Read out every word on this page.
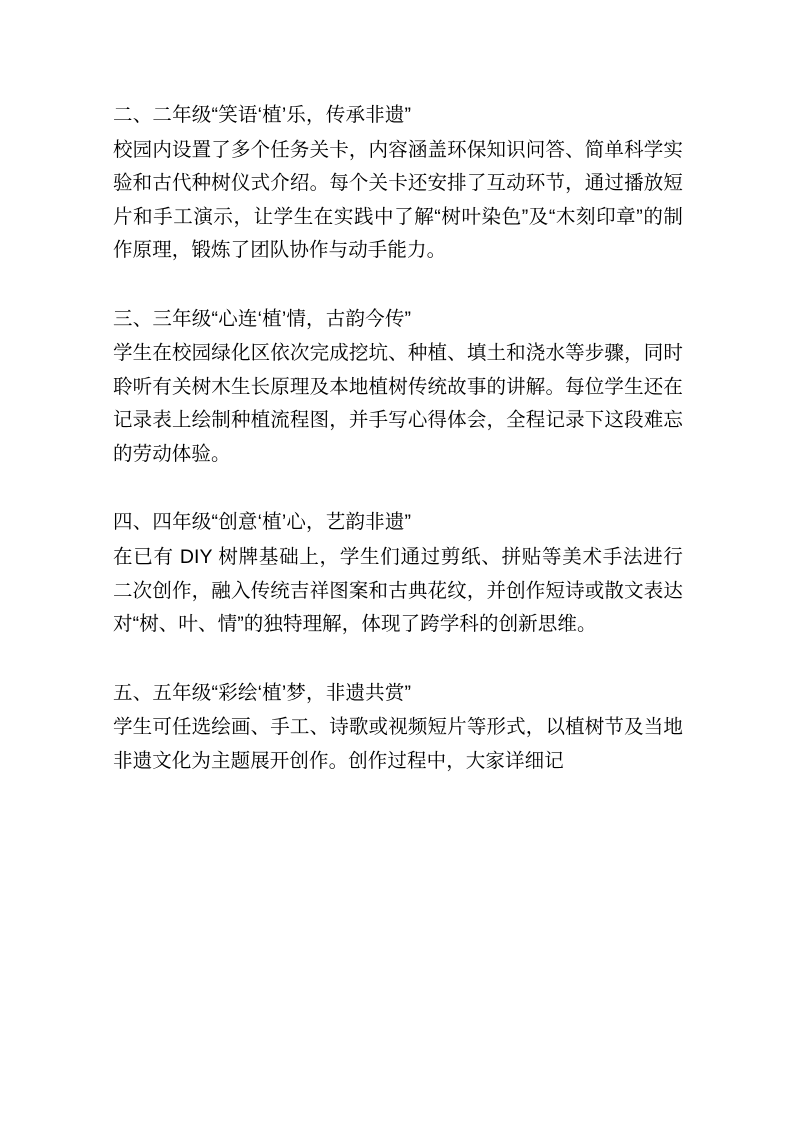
二、二年级“笑语‘植’乐，传承非遗”

校园内设置了多个任务关卡，内容涵盖环保知识问答、简单科学实验和古代种树仪式介绍。每个关卡还安排了互动环节，通过播放短片和手工演示，让学生在实践中了解“树叶染色”及“木刻印章”的制作原理，锻炼了团队协作与动手能力。

三、三年级“心连‘植’情，古韵今传”

学生在校园绿化区依次完成挖坑、种植、填土和浇水等步骤，同时聆听有关树木生长原理及本地植树传统故事的讲解。每位学生还在记录表上绘制种植流程图，并手写心得体会，全程记录下这段难忘的劳动体验。

四、四年级“创意‘植’心，艺韵非遗”

在已有 DIY 树牌基础上，学生们通过剪纸、拼贴等美术手法进行二次创作，融入传统吉祥图案和古典花纹，并创作短诗或散文表达对“树、叶、情”的独特理解，体现了跨学科的创新思维。

五、五年级“彩绘‘植’梦，非遗共赏”

学生可任选绘画、手工、诗歌或视频短片等形式，以植树节及当地非遗文化为主题展开创作。创作过程中，大家详细记
